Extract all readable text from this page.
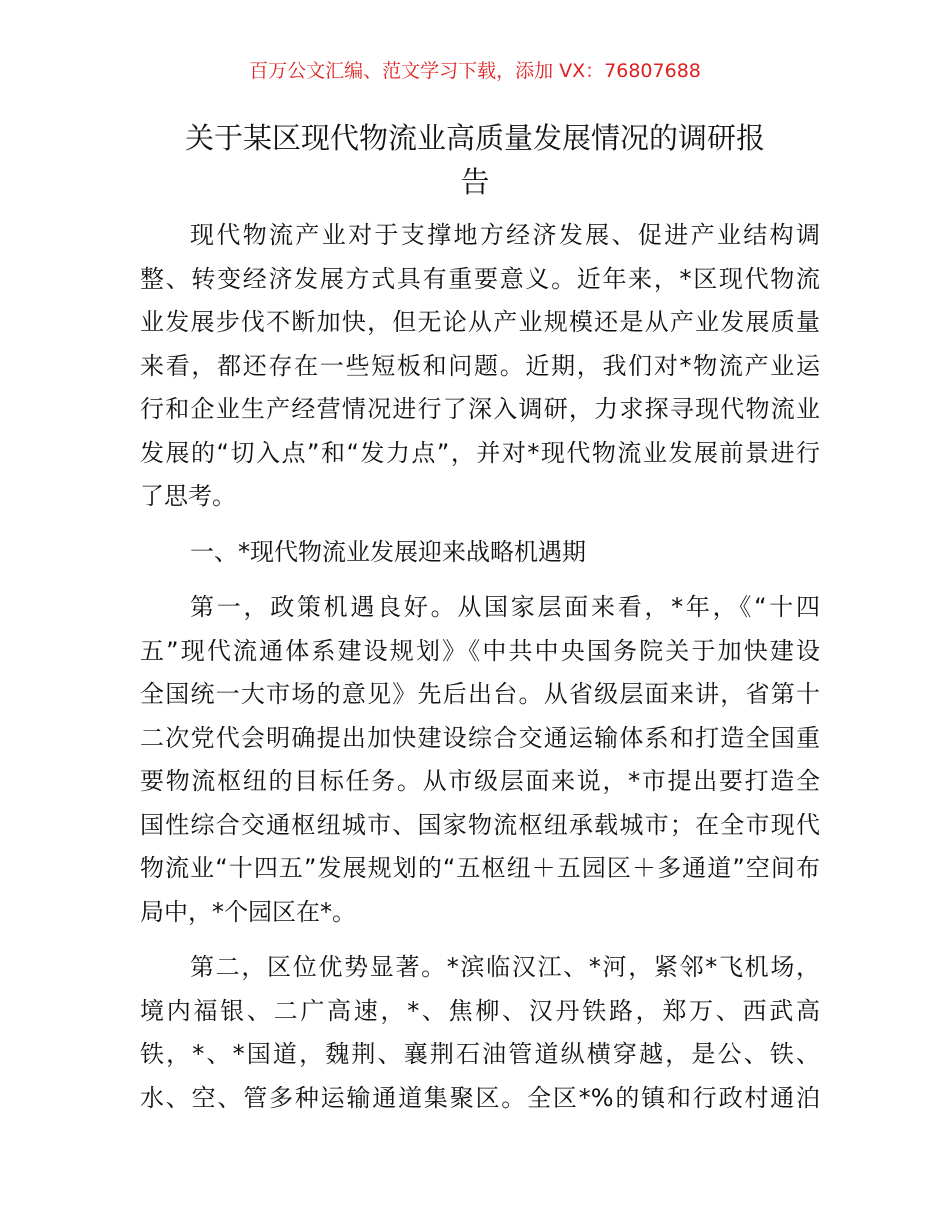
百万公文汇编、范文学习下载，添加 VX：76807688
关于某区现代物流业高质量发展情况的调研报
告
现代物流产业对于支撑地方经济发展、促进产业结构调
整、转变经济发展方式具有重要意义。近年来，*区现代物流
业发展步伐不断加快，但无论从产业规模还是从产业发展质量
来看，都还存在一些短板和问题。近期，我们对*物流产业运
行和企业生产经营情况进行了深入调研，力求探寻现代物流业
发展的“切入点”和“发力点”，并对*现代物流业发展前景进行
了思考。
一、*现代物流业发展迎来战略机遇期
第一，政策机遇良好。从国家层面来看，*年，《“十四
五”现代流通体系建设规划》《中共中央国务院关于加快建设
全国统一大市场的意见》先后出台。从省级层面来讲，省第十
二次党代会明确提出加快建设综合交通运输体系和打造全国重
要物流枢纽的目标任务。从市级层面来说，*市提出要打造全
国性综合交通枢纽城市、国家物流枢纽承载城市；在全市现代
物流业“十四五”发展规划的“五枢纽＋五园区＋多通道”空间布
局中，*个园区在*。
第二，区位优势显著。*滨临汉江、*河，紧邻*飞机场，
境内福银、二广高速，*、焦柳、汉丹铁路，郑万、西武高
铁，*、*国道，魏荆、襄荆石油管道纵横穿越，是公、铁、
水、空、管多种运输通道集聚区。全区*%的镇和行政村通泊
